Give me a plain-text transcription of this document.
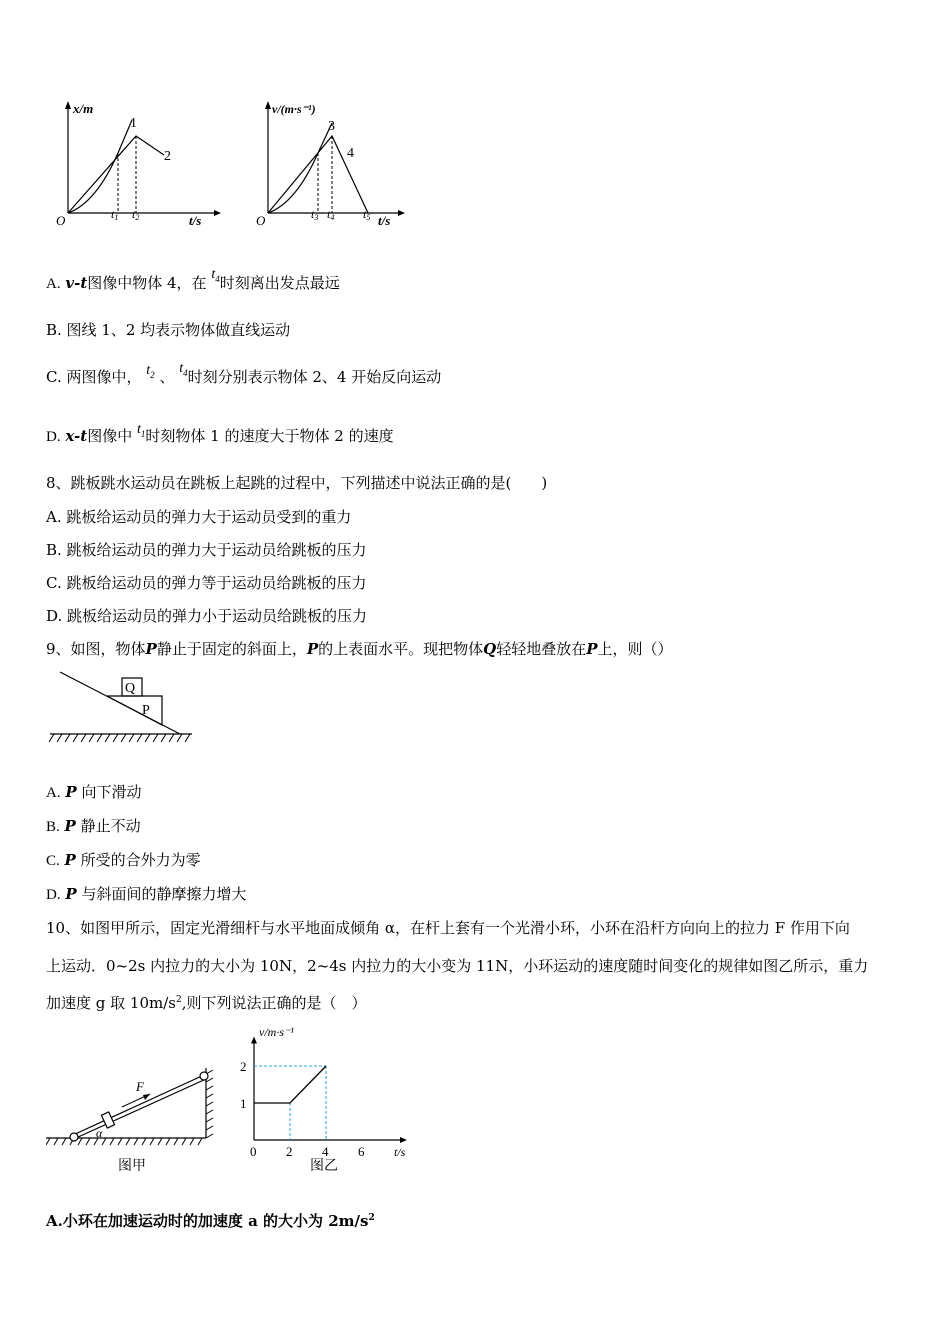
x/m
t/s
O
1
2
t1 t2
v/(m·s⁻¹)
t/s
O
3
4
t3 t4 t5
A. v-t图像中物体 4，在 $t_4$时刻离出发点最远
B. 图线 1、2 均表示物体做直线运动
C. 两图像中， $t_2$ 、 $t_4$时刻分别表示物体 2、4 开始反向运动
D. x-t图像中 $t_1$时刻物体 1 的速度大于物体 2 的速度
8、跳板跳水运动员在跳板上起跳的过程中，下列描述中说法正确的是(　　)
A. 跳板给运动员的弹力大于运动员受到的重力
B. 跳板给运动员的弹力大于运动员给跳板的压力
C. 跳板给运动员的弹力等于运动员给跳板的压力
D. 跳板给运动员的弹力小于运动员给跳板的压力
9、如图，物体P静止于固定的斜面上，P的上表面水平。现把物体Q轻轻地叠放在P上，则（）
Q
P
A. P 向下滑动
B. P 静止不动
C. P 所受的合外力为零
D. P 与斜面间的静摩擦力增大
10、如图甲所示，固定光滑细杆与水平地面成倾角 α，在杆上套有一个光滑小环，小环在沿杆方向向上的拉力 F 作用下向
上运动．0~2s 内拉力的大小为 10N，2~4s 内拉力的大小变为 11N，小环运动的速度随时间变化的规律如图乙所示，重力
加速度 g 取 $10m/s^2$,则下列说法正确的是（　）
F
α
图甲
v/m·s⁻¹
t/s
0 2 4 6
1
2
图乙
A.小环在加速运动时的加速度 a 的大小为 $2m/s^2$
